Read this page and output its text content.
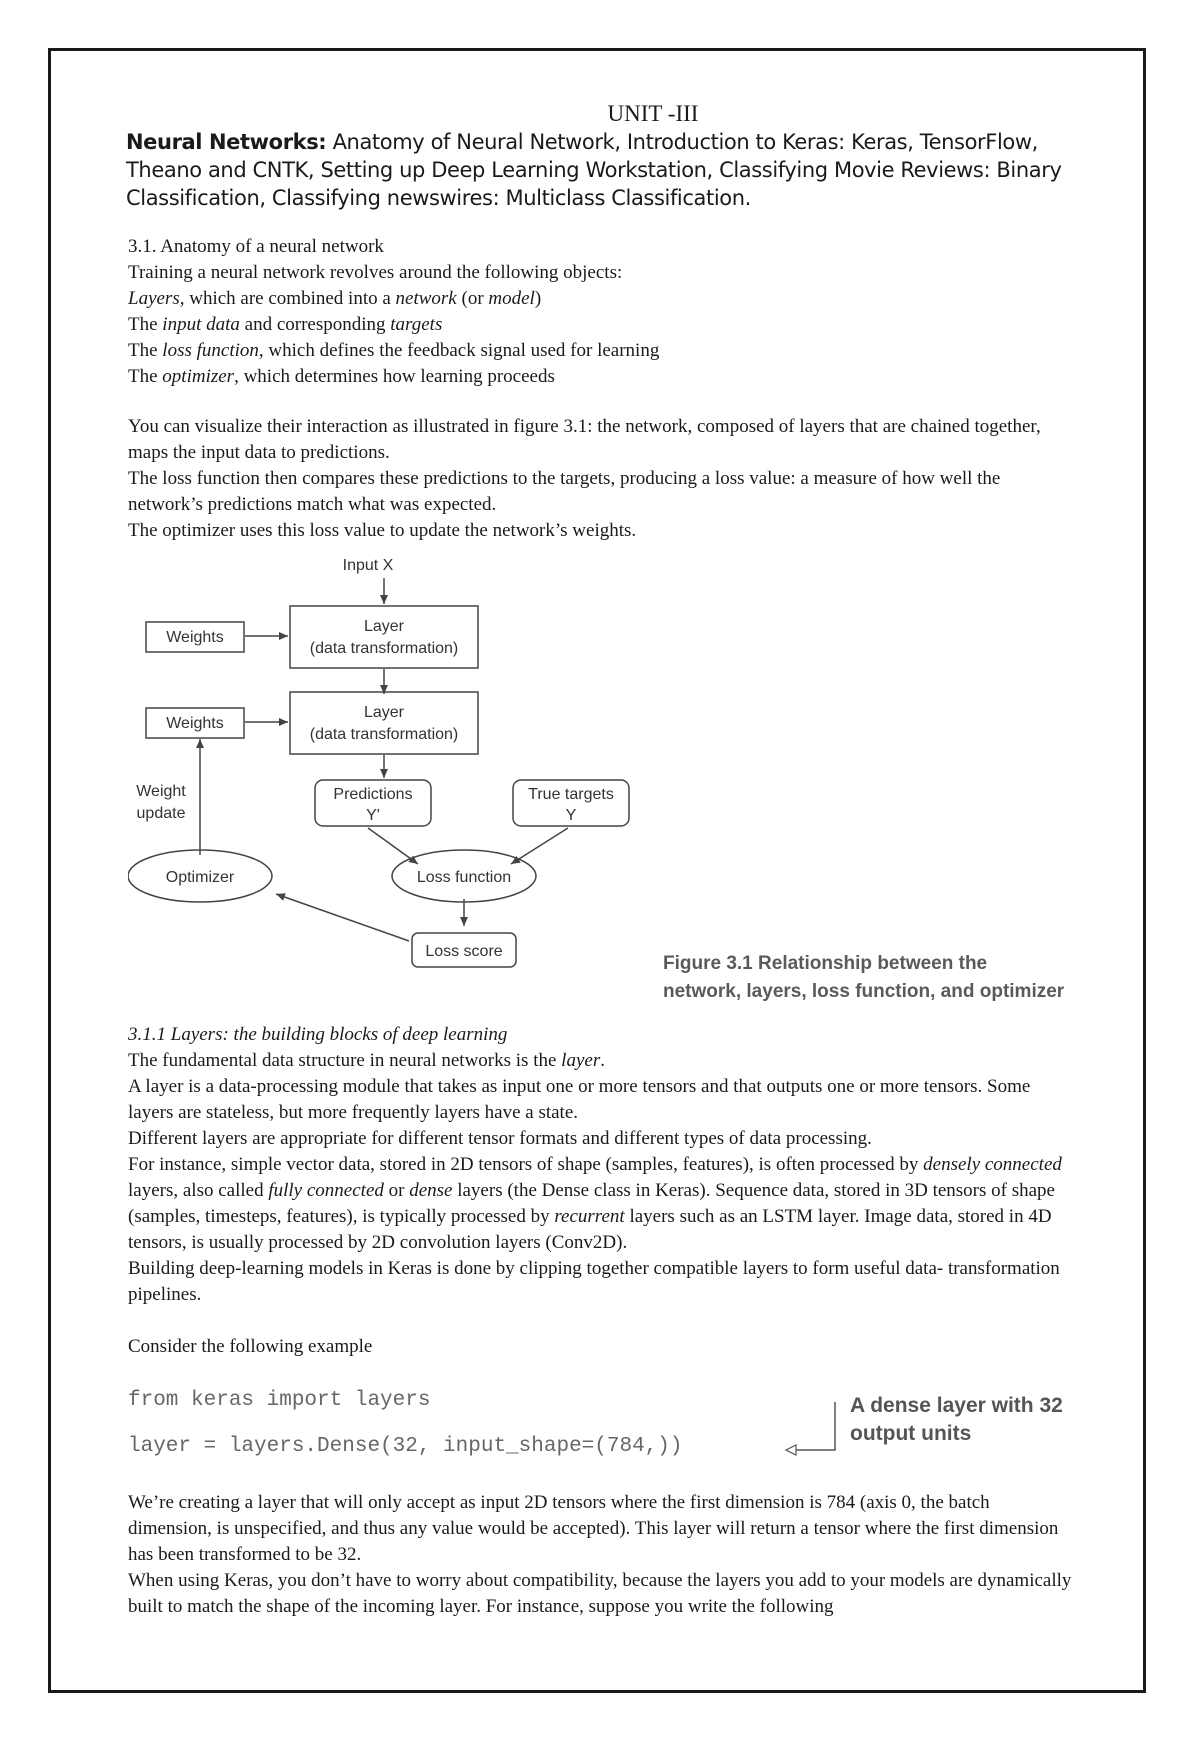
UNIT -III
Neural Networks: Anatomy of Neural Network, Introduction to Keras: Keras, TensorFlow, Theano and CNTK, Setting up Deep Learning Workstation, Classifying Movie Reviews: Binary Classification, Classifying newswires: Multiclass Classification.

3.1. Anatomy of a neural network

Training a neural network revolves around the following objects:

Layers, which are combined into a network (or model)

The input data and corresponding targets

The loss function, which defines the feedback signal used for learning

The optimizer, which determines how learning proceeds

You can visualize their interaction as illustrated in figure 3.1: the network, composed of layers that are chained together, maps the input data to predictions.

The loss function then compares these predictions to the targets, producing a loss value: a measure of how well the network’s predictions match what was expected.

The optimizer uses this loss value to update the network’s weights.

Input X
Weights
Layer
(data transformation)
Weights
Layer
(data transformation)
Weight
update
Predictions
Y'
True targets
Y
Optimizer	Loss function
Loss score
Figure 3.1 Relationship between the
network, layers, loss function, and optimizer

3.1.1 Layers: the building blocks of deep learning

The fundamental data structure in neural networks is the layer.

A layer is a data-processing module that takes as input one or more tensors and that outputs one or more tensors. Some layers are stateless, but more frequently layers have a state.

Different layers are appropriate for different tensor formats and different types of data processing.

For instance, simple vector data, stored in 2D tensors of shape (samples, features), is often processed by densely connected layers, also called fully connected or dense layers (the Dense class in Keras). Sequence data, stored in 3D tensors of shape (samples, timesteps, features), is typically processed by recurrent layers such as an LSTM layer. Image data, stored in 4D tensors, is usually processed by 2D convolution layers (Conv2D).

Building deep-learning models in Keras is done by clipping together compatible layers to form useful data- transformation pipelines.

Consider the following example

from keras import layers
layer = layers.Dense(32, input_shape=(784,))
A dense layer with 32 output units

We’re creating a layer that will only accept as input 2D tensors where the first dimension is 784 (axis 0, the batch dimension, is unspecified, and thus any value would be accepted). This layer will return a tensor where the first dimension has been transformed to be 32.

When using Keras, you don’t have to worry about compatibility, because the layers you add to your models are dynamically built to match the shape of the incoming layer. For instance, suppose you write the following
